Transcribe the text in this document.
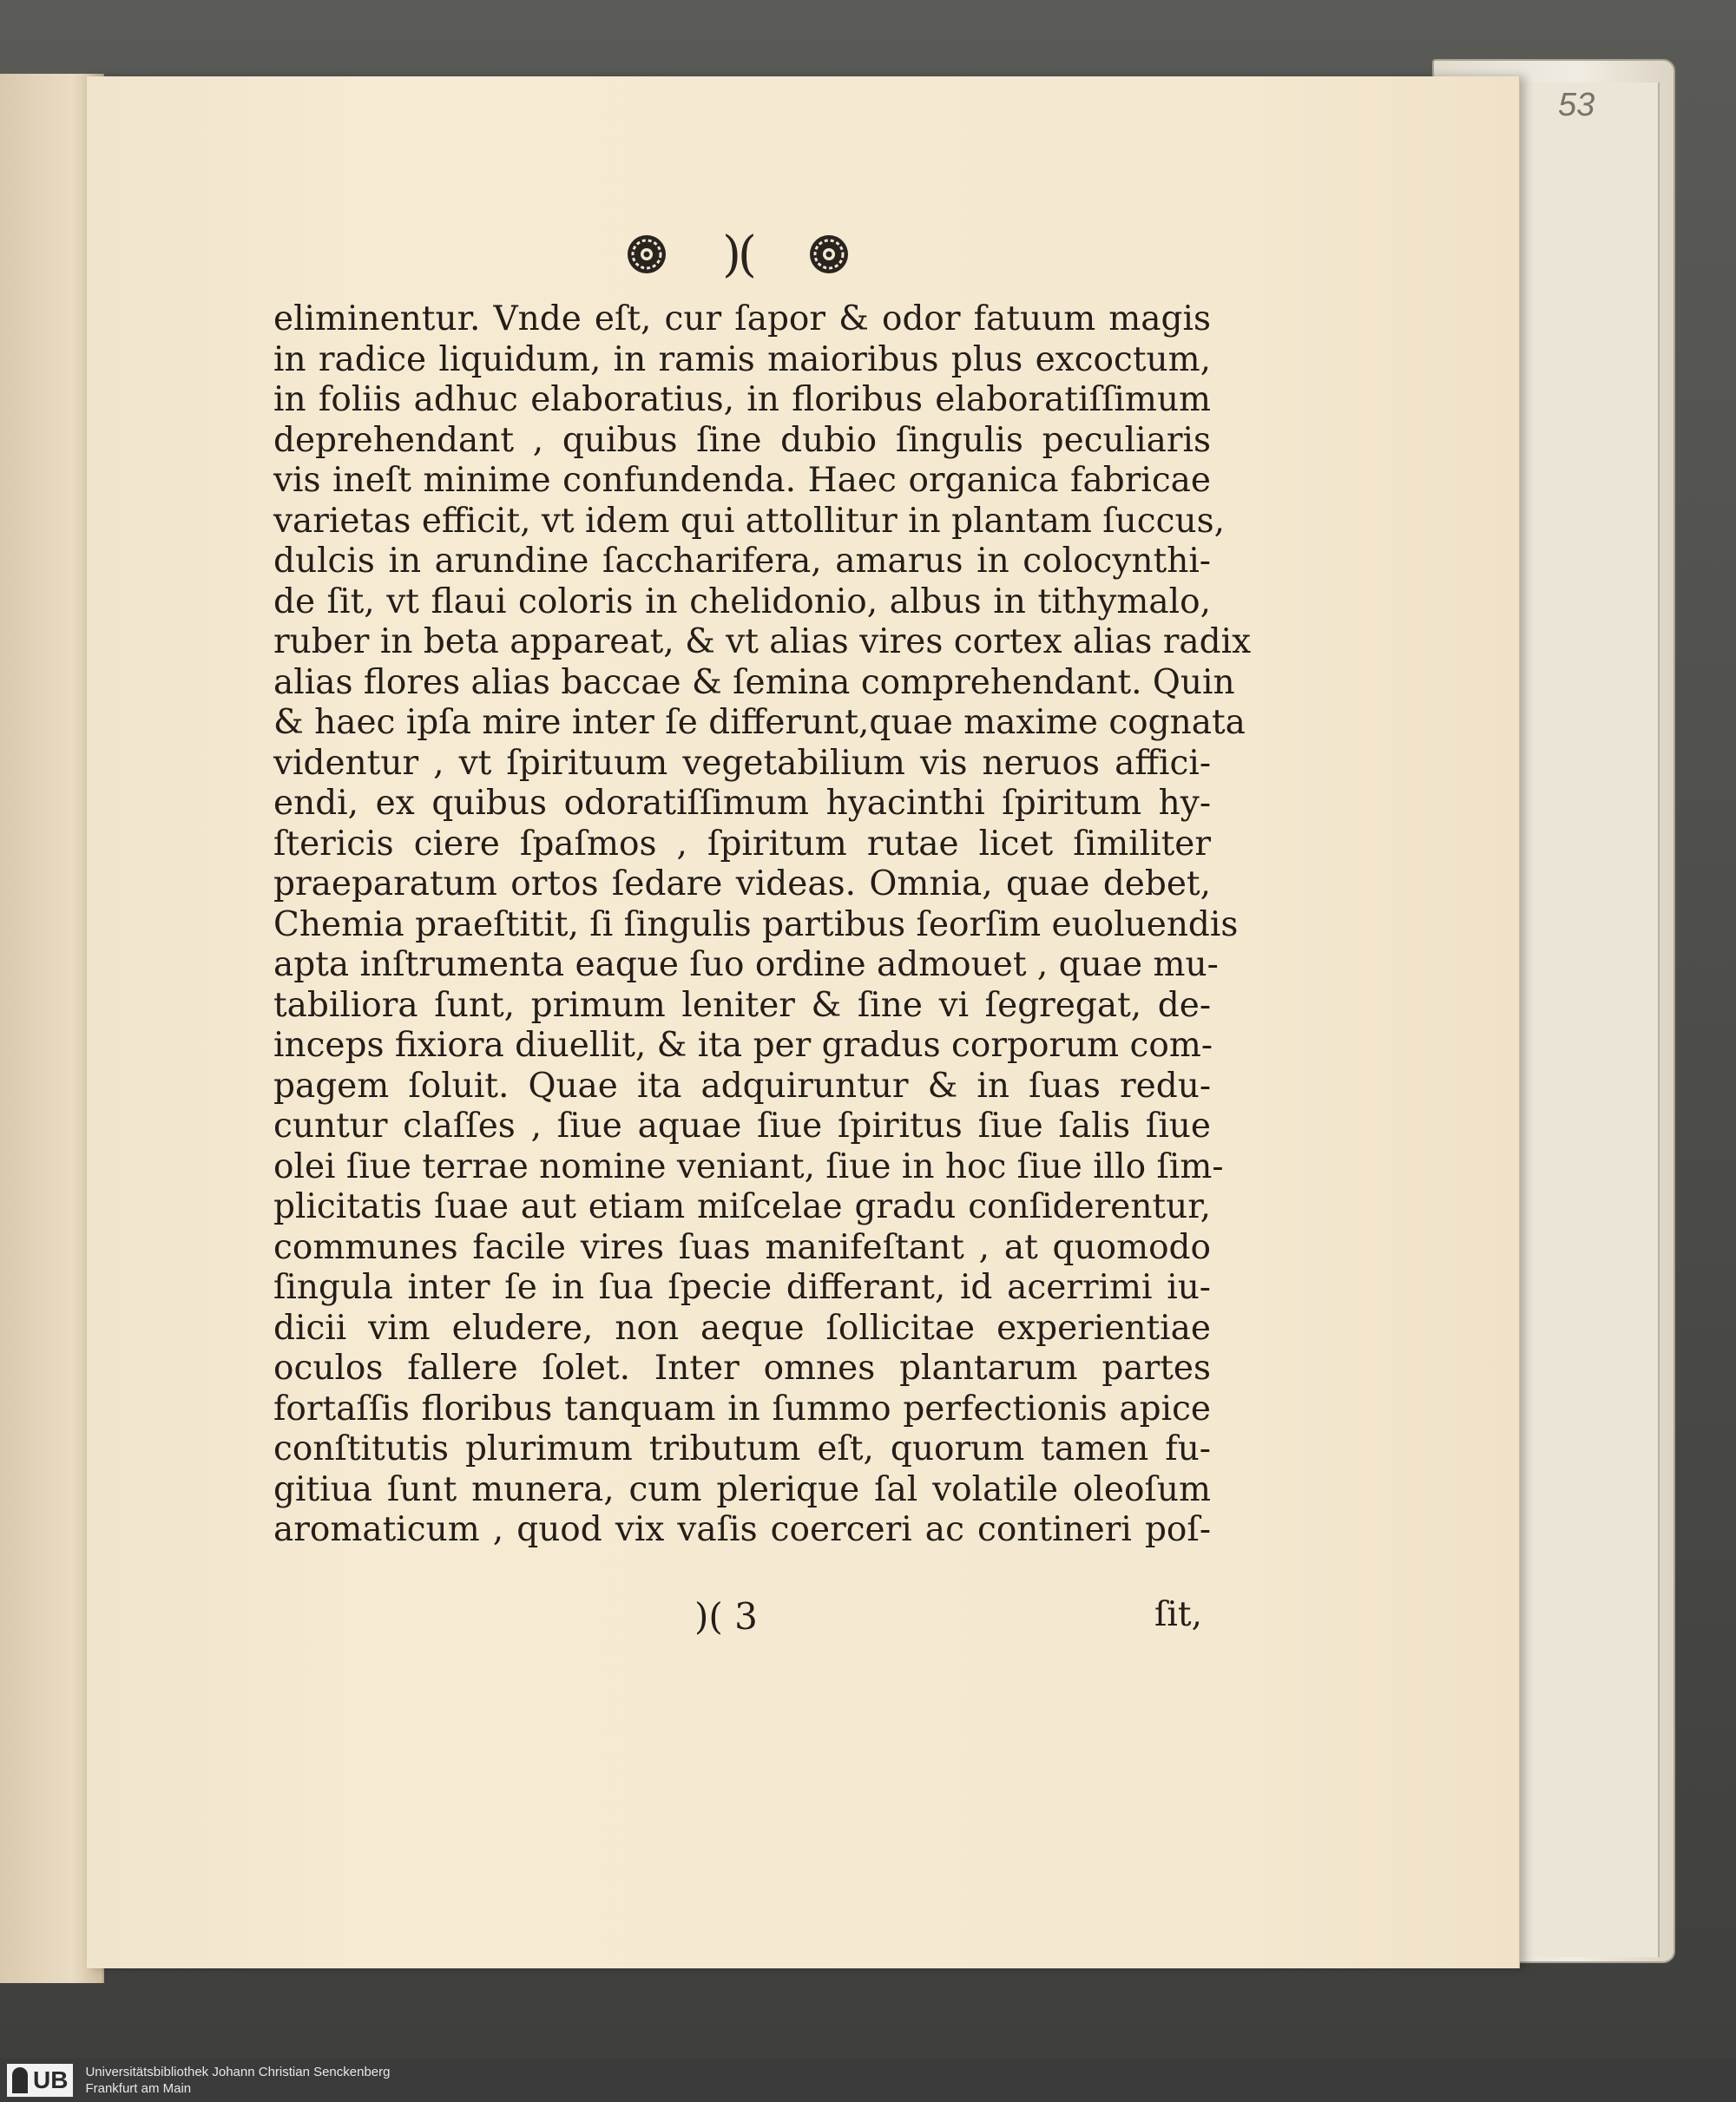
53
)(
eliminentur. Vnde eſt, cur ſapor & odor fatuum magis
in radice liquidum, in ramis maioribus plus excoctum,
in foliis adhuc elaboratius, in floribus elaboratiſſimum
deprehendant , quibus ſine dubio ſingulis peculiaris
vis ineſt minime confundenda. Haec organica fabricae
varietas efficit, vt idem qui attollitur in plantam ſuccus,
dulcis in arundine ſaccharifera, amarus in colocynthi-
de ſit, vt flaui coloris in chelidonio, albus in tithymalo,
ruber in beta appareat, & vt alias vires cortex alias radix
alias flores alias baccae & ſemina comprehendant. Quin
& haec ipſa mire inter ſe differunt,quae maxime cognata
videntur , vt ſpirituum vegetabilium vis neruos affici-
endi, ex quibus odoratiſſimum hyacinthi ſpiritum hy-
ſtericis ciere ſpaſmos , ſpiritum rutae licet ſimiliter
praeparatum ortos ſedare videas. Omnia, quae debet,
Chemia praeſtitit, ſi ſingulis partibus ſeorſim euoluendis
apta inſtrumenta eaque ſuo ordine admouet , quae mu-
tabiliora ſunt, primum leniter & ſine vi ſegregat, de-
inceps fixiora diuellit, & ita per gradus corporum com-
pagem ſoluit. Quae ita adquiruntur & in ſuas redu-
cuntur claſſes , ſiue aquae ſiue ſpiritus ſiue ſalis ſiue
olei ſiue terrae nomine veniant, ſiue in hoc ſiue illo ſim-
plicitatis ſuae aut etiam miſcelae gradu conſiderentur,
communes facile vires ſuas manifeſtant , at quomodo
ſingula inter ſe in ſua ſpecie differant, id acerrimi iu-
dicii vim eludere, non aeque ſollicitae experientiae
oculos fallere ſolet. Inter omnes plantarum partes
fortaſſis floribus tanquam in ſummo perfectionis apice
conſtitutis plurimum tributum eſt, quorum tamen fu-
gitiua ſunt munera, cum plerique ſal volatile oleoſum
aromaticum , quod vix vaſis coerceri ac contineri poſ-
)( 3	ſit,
UB Universitätsbibliothek Johann Christian Senckenberg
Frankfurt am Main
